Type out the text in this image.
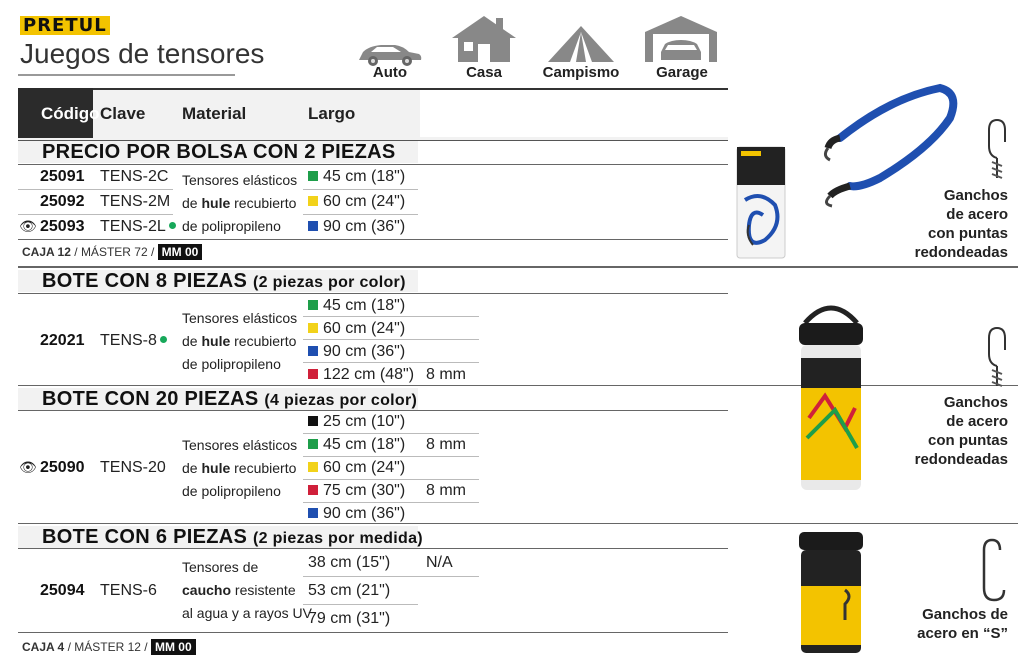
PRETUL
Juegos de tensores
Auto	Casa	Campismo	Garage
Código Clave Material	Largo
PRECIO POR BOLSA CON 2 PIEZAS
25091 TENS-2C	45 cm (18")
25092 TENS-2M	60 cm (24")
👁 25093 TENS-2L	90 cm (36")
Tensores elásticos
de hule recubierto
de polipropileno
CAJA 12 / MÁSTER 72 / MM 00
BOTE CON 8 PIEZAS (2 piezas por color)
22021 TENS-8
Tensores elásticos
de hule recubierto
de polipropileno
45 cm (18")
60 cm (24")
90 cm (36")
122 cm (48") 8 mm
BOTE CON 20 PIEZAS (4 piezas por color)
👁 25090 TENS-20
Tensores elásticos
de hule recubierto
de polipropileno
25 cm (10")
45 cm (18") 8 mm
60 cm (24")
75 cm (30") 8 mm
90 cm (36")
BOTE CON 6 PIEZAS (2 piezas por medida)
25094 TENS-6
Tensores de
caucho resistente
al agua y a rayos UV
38 cm (15") N/A
53 cm (21")
79 cm (31")
CAJA 4 / MÁSTER 12 / MM 00
Ganchos
de acero
con puntas
redondeadas
Ganchos
de acero
con puntas
redondeadas
Ganchos de
acero en “S”
